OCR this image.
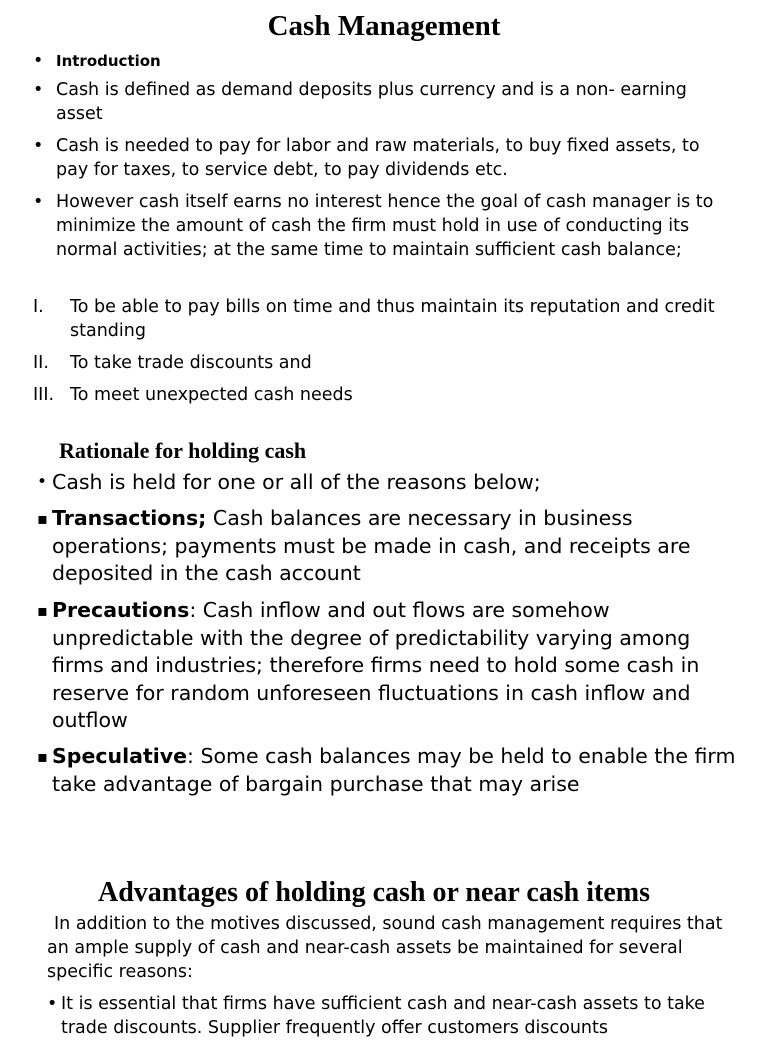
Cash Management
• Introduction
• Cash is defined as demand deposits plus currency and is a non- earning asset
• Cash is needed to pay for labor and raw materials, to buy fixed assets, to pay for taxes, to service debt, to pay dividends etc.
• However cash itself earns no interest hence the goal of cash manager is to minimize the amount of cash the firm must hold in use of conducting its normal activities; at the same time to maintain sufficient cash balance;
I.	To be able to pay bills on time and thus maintain its reputation and credit standing
II.	To take trade discounts and
III. To meet unexpected cash needs
Rationale for holding cash
• Cash is held for one or all of the reasons below;
▪ Transactions; Cash balances are necessary in business operations; payments must be made in cash, and receipts are deposited in the cash account
▪ Precautions: Cash inflow and out flows are somehow unpredictable with the degree of predictability varying among firms and industries; therefore firms need to hold some cash in reserve for random unforeseen fluctuations in cash inflow and outflow
▪ Speculative: Some cash balances may be held to enable the firm take advantage of bargain purchase that may arise
Advantages of holding cash or near cash items
In addition to the motives discussed, sound cash management requires that an ample supply of cash and near-cash assets be maintained for several specific reasons:
• It is essential that firms have sufficient cash and near-cash assets to take trade discounts. Supplier frequently offer customers discounts
